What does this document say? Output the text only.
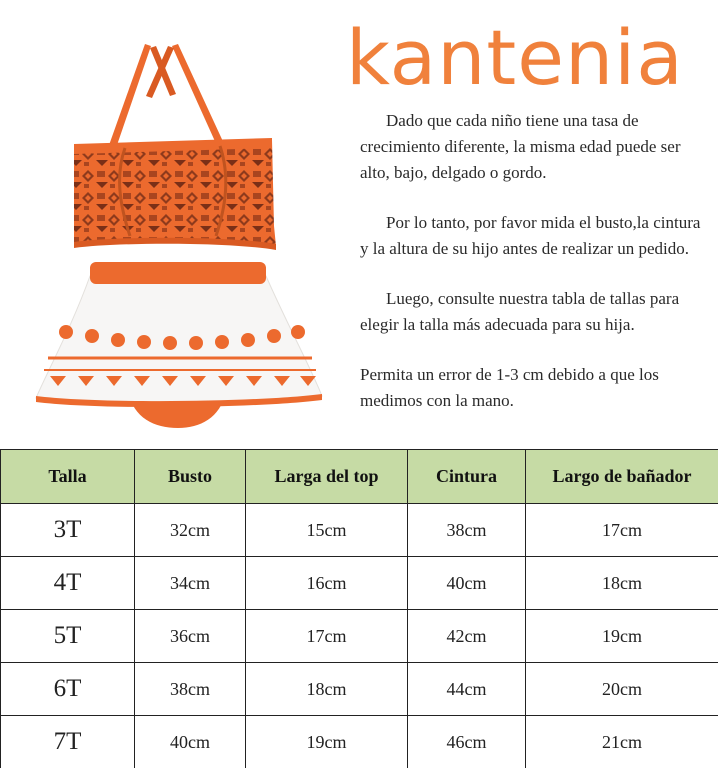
kantenia

Dado que cada niño tiene una tasa de crecimiento diferente, la misma edad puede ser alto, bajo, delgado o gordo.

Por lo tanto, por favor mida el busto,la cintura y la altura de su hijo antes de realizar un pedido.

Luego, consulte nuestra tabla de tallas para elegir la talla más adecuada para su hija.

Permita un error de 1-3 cm debido a que los medimos con la mano.

Talla	Busto	Larga del top	Cintura	Largo de bañador
3T	32cm	15cm	38cm	17cm
4T	34cm	16cm	40cm	18cm
5T	36cm	17cm	42cm	19cm
6T	38cm	18cm	44cm	20cm
7T	40cm	19cm	46cm	21cm
